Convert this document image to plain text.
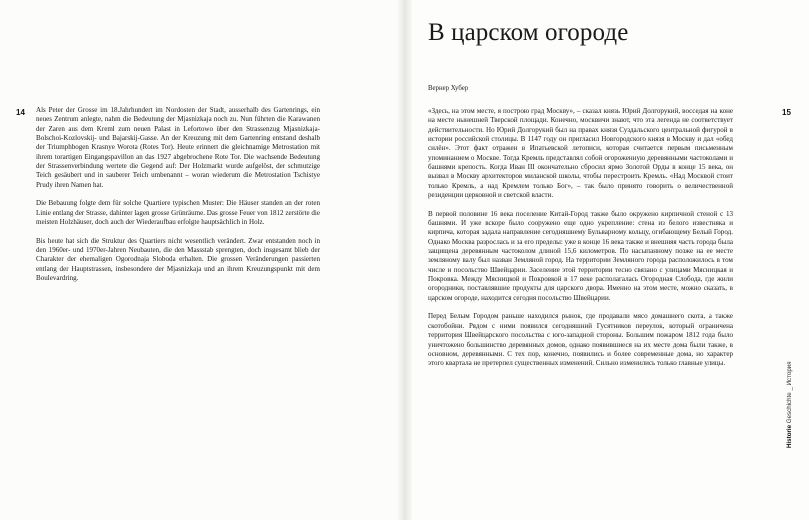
14 Als Peter der Grosse im 18.Jahrhundert im Nordosten der Stadt, ausserhalb des Gartenrings, ein neues Zentrum anlegte, nahm die Bedeutung der Mjasnizkaja noch zu. Nun führten die Karawanen der Zaren aus dem Kreml zum neuen Palast in Lefortowo über den Strassenzug Mjasnizkaja-Bolschoi-Kozlovskij- und Bajarskij-Gasse. An der Kreuzung mit dem Gartenring entstand deshalb der Triumphbogen Krasnye Worota (Rotes Tor). Heute erinnert die gleichnamige Metrostation mit ihrem torartigen Eingangspavillon an das 1927 abgebrochene Rote Tor. Die wachsende Bedeutung der Strassenverbindung wertete die Gegend auf: Der Holzmarkt wurde aufgelöst, der schmutzige Teich gesäubert und in sauberer Teich umbenannt – woran wiederum die Metrostation Tschistye Prudy ihren Namen hat.

Die Bebauung folgte dem für solche Quartiere typischen Muster: Die Häuser standen an der roten Linie entlang der Strasse, dahinter lagen grosse Grünräume. Das grosse Feuer von 1812 zerstörte die meisten Holzhäuser, doch auch der Wiederaufbau erfolgte hauptsächlich in Holz.

Bis heute hat sich die Struktur des Quartiers nicht wesentlich verändert. Zwar entstanden noch in den 1960er- und 1970er-Jahren Neubauten, die den Massstab sprengten, doch insgesamt blieb der Charakter der ehemaligen Ogorodnaja Sloboda erhalten. Die grossen Veränderungen passierten entlang der Hauptstrassen, insbesondere der Mjasnizkaja und an ihrem Kreuzungspunkt mit dem Boulevardring.

В царском огороде
Вернер Хубер
15

«Здесь, на этом месте, я построю град Москву», – сказал князь Юрий Долгорукий, восседая на коне на месте нынешней Тверской площади. Конечно, москвичи знают, что эта легенда не соответствует действительности. Но Юрий Долгорукий был на правах князя Суздальского центральной фигурой в истории российской столицы. В 1147 году он пригласил Новгородского князя в Москву и дал «обед силён». Этот факт отражен в Ипатьевской летописи, которая считается первым письменным упоминанием о Москве. Тогда Кремль представлял собой огороженную деревянными частоколами и башнями крепость. Когда Иван III окончательно сбросил ярмо Золотой Орды в конце 15 века, он вызвал в Москву архитекторов миланской школы, чтобы перестроить Кремль. «Над Москвой стоит только Кремль, а над Кремлем только Бог», – так было принято говорить о величественной резиденции церковной и светской власти.

В первой половине 16 века поселение Китай-Город также было окружено кирпичной стеной с 13 башнями. И уже вскоре было сооружено еще одно укрепление: стена из белого известняка и кирпича, которая задала направление сегодняшнему Бульварному кольцу, огибающему Белый Город. Однако Москва разрослась и за его пределы: уже в конце 16 века также и внешняя часть города была защищена деревянным частоколом длиной 15,6 километров. По насыпанному позже на ее месте земляному валу был назван Земляной город. На территории Земляного города расположилось в том числе и посольство Швейцарии. Заселение этой территории тесно связано с улицами Мясницкая и Покровка. Между Мясницкой и Покровкой в 17 веке располагалась Огородная Слобода, где жили огородники, поставлявшие продукты для царского двора. Именно на этом месте, можно сказать, в царском огороде, находится сегодня посольство Швейцарии.

Перед Белым Городом раньше находился рынок, где продавали мясо домашнего скота, а также скотобойни. Рядом с ними появился сегодняшний Гусятников переулок, который ограничена территория Швейцарского посольства с юго-западной стороны. Большим пожаром 1812 года было уничтожено большинство деревянных домов, однако появившиеся на их месте дома были также, в основном, деревянными. С тех пор, конечно, появились и более современные дома, но характер этого квартала не претерпел существенных изменений. Сильно изменились только главные улицы.

Historie Geschichte _ История
